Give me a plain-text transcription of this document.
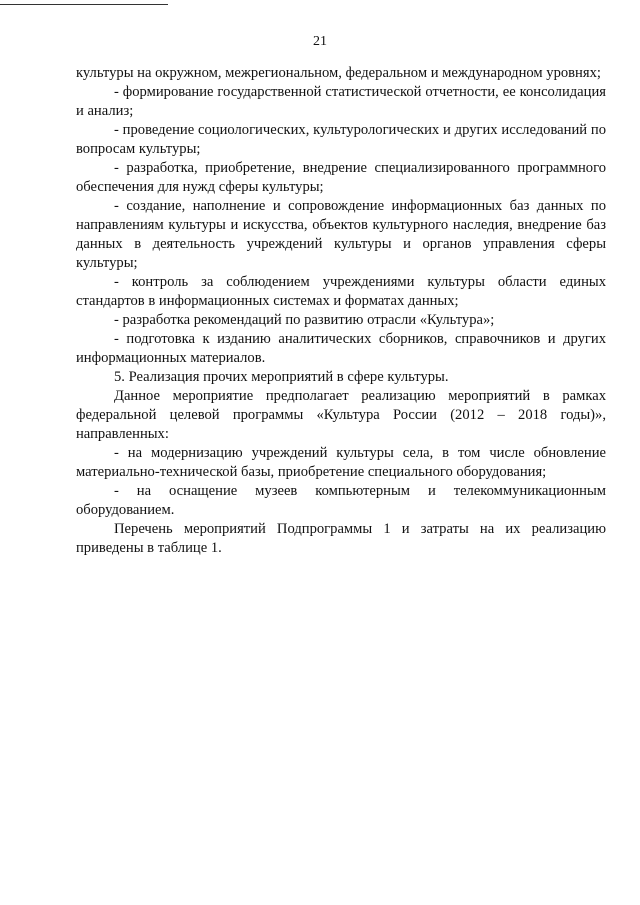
21

культуры на окружном, межрегиональном, федеральном и международном уровнях;

- формирование государственной статистической отчетности, ее консолидация и анализ;

- проведение социологических, культурологических и других исследований по вопросам культуры;

- разработка, приобретение, внедрение специализированного программного обеспечения для нужд сферы культуры;

- создание, наполнение и сопровождение информационных баз данных по направлениям культуры и искусства, объектов культурного наследия, внедрение баз данных в деятельность учреждений культуры и органов управления сферы культуры;

- контроль за соблюдением учреждениями культуры области единых стандартов в информационных системах и форматах данных;

- разработка рекомендаций по развитию отрасли «Культура»;

- подготовка к изданию аналитических сборников, справочников и других информационных материалов.

5. Реализация прочих мероприятий в сфере культуры.

Данное мероприятие предполагает реализацию мероприятий в рамках федеральной целевой программы «Культура России (2012 – 2018 годы)», направленных:

- на модернизацию учреждений культуры села, в том числе обновление материально-технической базы, приобретение специального оборудования;

- на оснащение музеев компьютерным и телекоммуникационным оборудованием.

Перечень мероприятий Подпрограммы 1 и затраты на их реализацию приведены в таблице 1.
